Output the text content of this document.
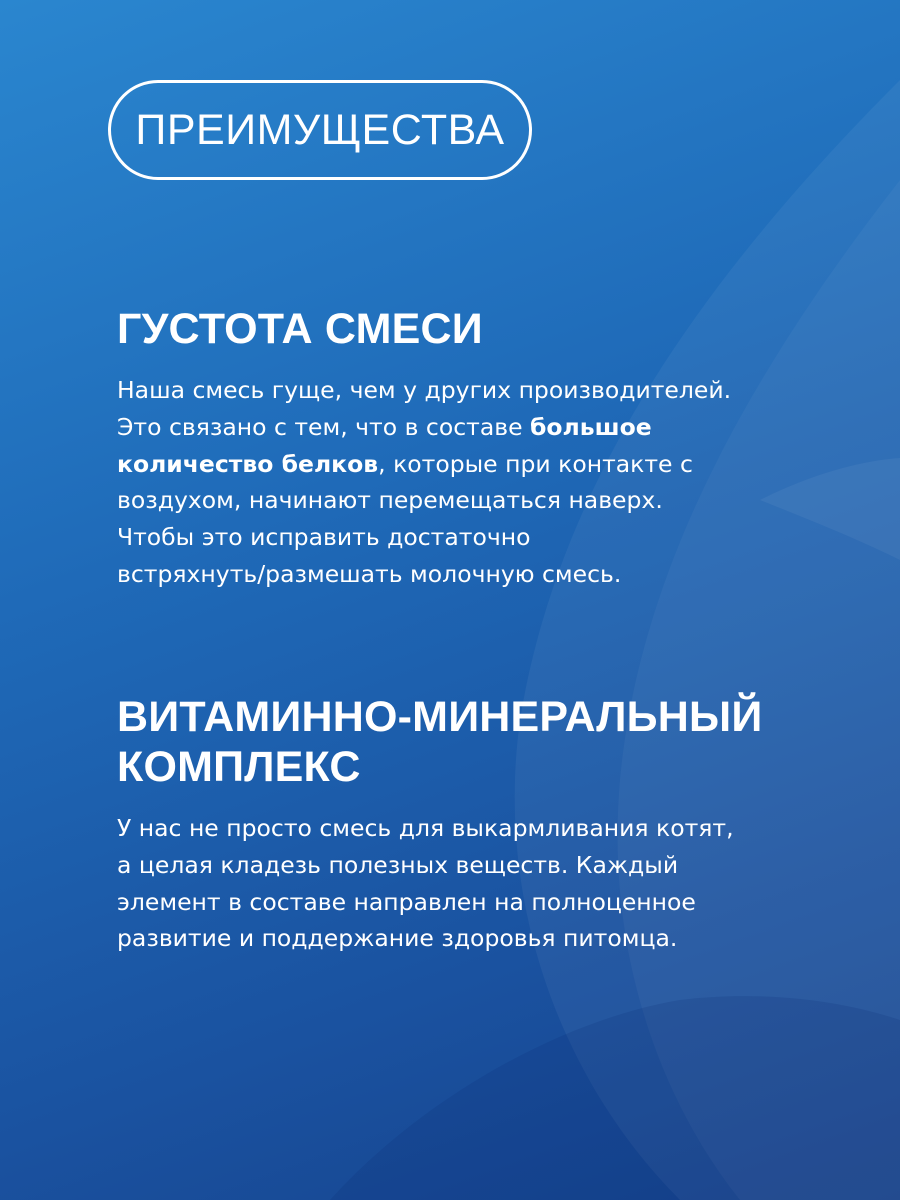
ПРЕИМУЩЕСТВА
ГУСТОТА СМЕСИ

Наша смесь гуще, чем у других производителей.
Это связано с тем, что в составе большое
количество белков, которые при контакте с
воздухом, начинают перемещаться наверх.
Чтобы это исправить достаточно
встряхнуть/размешать молочную смесь.

ВИТАМИННО-МИНЕРАЛЬНЫЙ
КОМПЛЕКС

У нас не просто смесь для выкармливания котят,
а целая кладезь полезных веществ. Каждый
элемент в составе направлен на полноценное
развитие и поддержание здоровья питомца.
